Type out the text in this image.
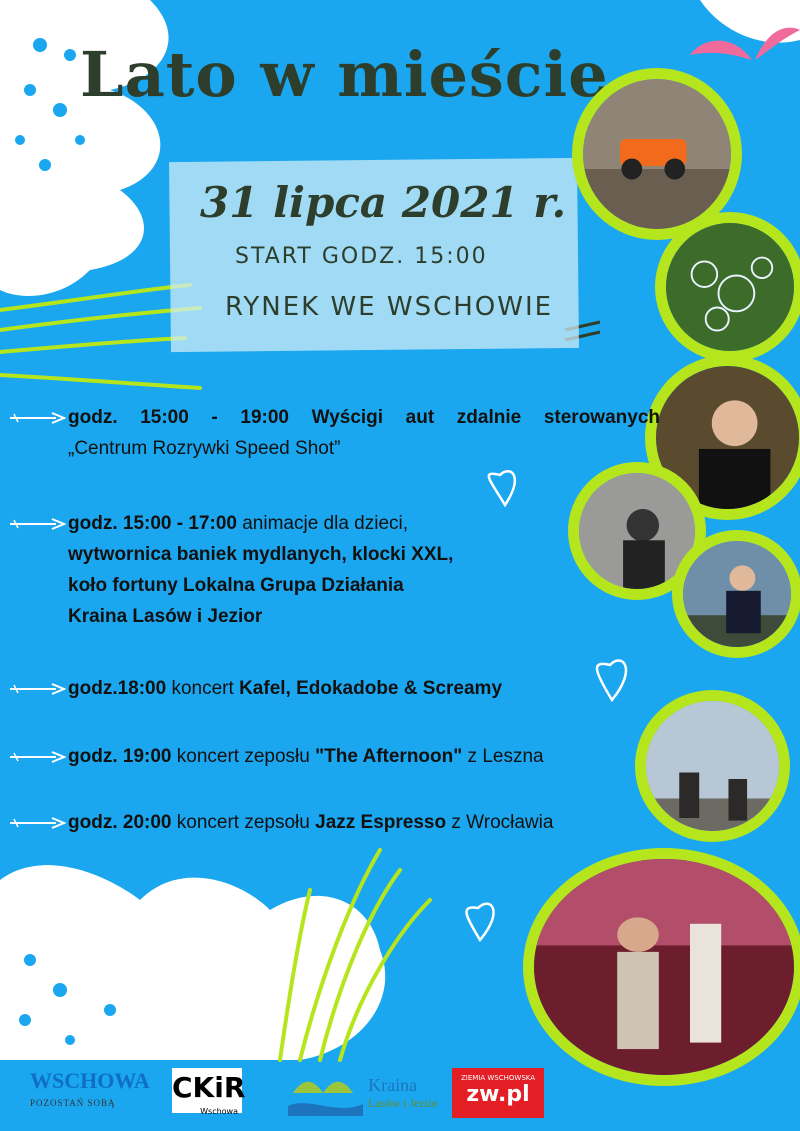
Lato w mieście
31 lipca 2021 r.
START GODZ. 15:00
RYNEK WE WSCHOWIE
godz. 15:00 - 19:00 Wyścigi aut zdalnie sterowanych
„Centrum Rozrywki Speed Shot”
godz. 15:00 - 17:00 animacje dla dzieci,
wytwornica baniek mydlanych, klocki XXL,
koło fortuny Lokalna Grupa Działania
Kraina Lasów i Jezior
godz.18:00 koncert Kafel, Edokadobe & Screamy
godz. 19:00 koncert zeposłu "The Afternoon" z Leszna
godz. 20:00 koncert zepsołu Jazz Espresso z Wrocławia
WSCHOWA
POZOSTAŃ SOBĄ	CKiR
Wschowa

Kraina
Lasów i Jezior
ZIEMIA WSCHOWSKA
zw.pl
